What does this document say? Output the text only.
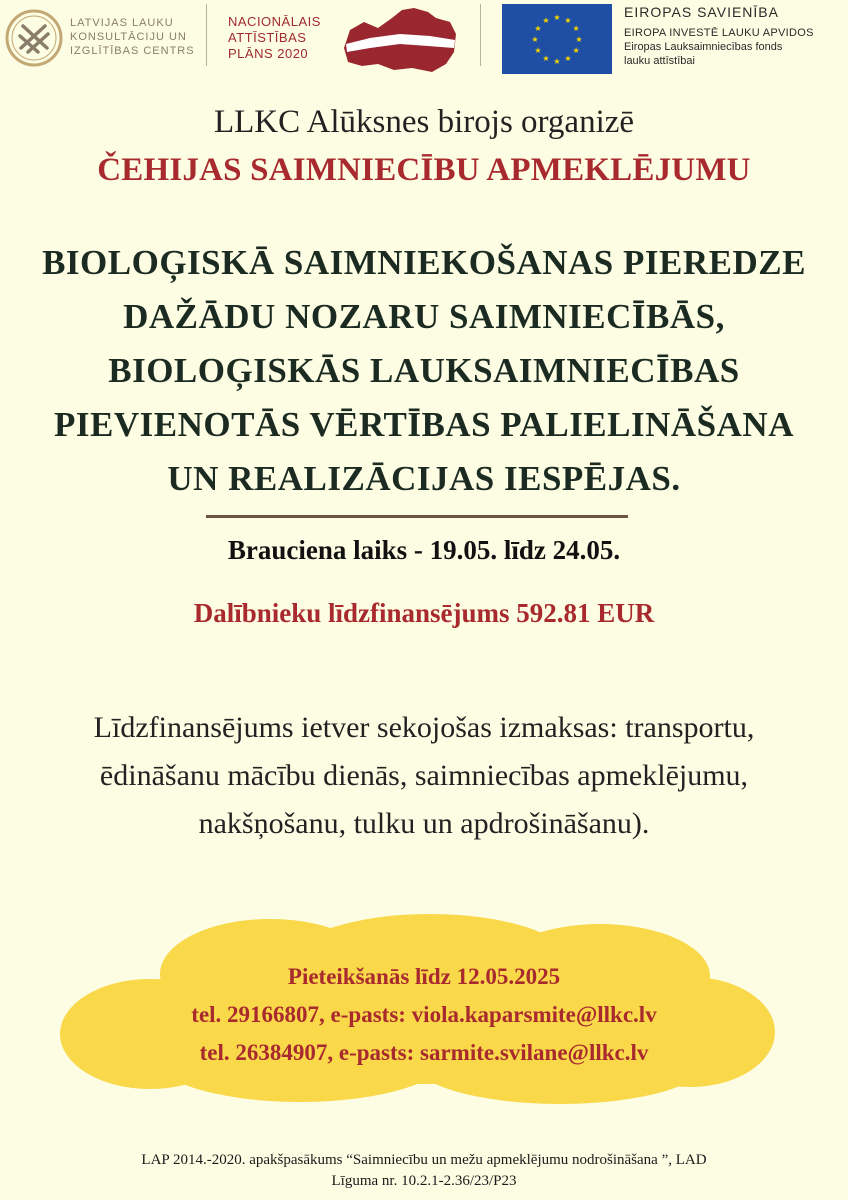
LATVIJAS LAUKU
KONSULTĀCIJU UN
IZGLĪTĪBAS CENTRS
NACIONĀLAIS
ATTĪSTĪBAS
PLĀNS 2020
★
★
★
★
★
★
★
★
★ ★ ★
★
EIROPAS SAVIENĪBA
EIROPA INVESTĒ LAUKU APVIDOS
Eiropas Lauksaimniecības fonds
lauku attīstībai
LLKC Alūksnes birojs organizē
ČEHIJAS SAIMNIECĪBU APMEKLĒJUMU
BIOLOĢISKĀ SAIMNIEKOŠANAS PIEREDZE
DAŽĀDU NOZARU SAIMNIECĪBĀS,
BIOLOĢISKĀS LAUKSAIMNIECĪBAS
PIEVIENOTĀS VĒRTĪBAS PALIELINĀŠANA
UN REALIZĀCIJAS IESPĒJAS.
Brauciena laiks - 19.05. līdz 24.05.
Dalībnieku līdzfinansējums 592.81 EUR
Līdzfinansējums ietver sekojošas izmaksas: transportu,
ēdināšanu mācību dienās, saimniecības apmeklējumu,
nakšņošanu, tulku un apdrošināšanu).
Pieteikšanās līdz 12.05.2025
tel. 29166807, e-pasts: viola.kaparsmite@llkc.lv
tel. 26384907, e-pasts: sarmite.svilane@llkc.lv
LAP 2014.-2020. apakšpasākums “Saimniecību un mežu apmeklējumu nodrošināšana ”, LAD
Līguma nr. 10.2.1-2.36/23/P23
